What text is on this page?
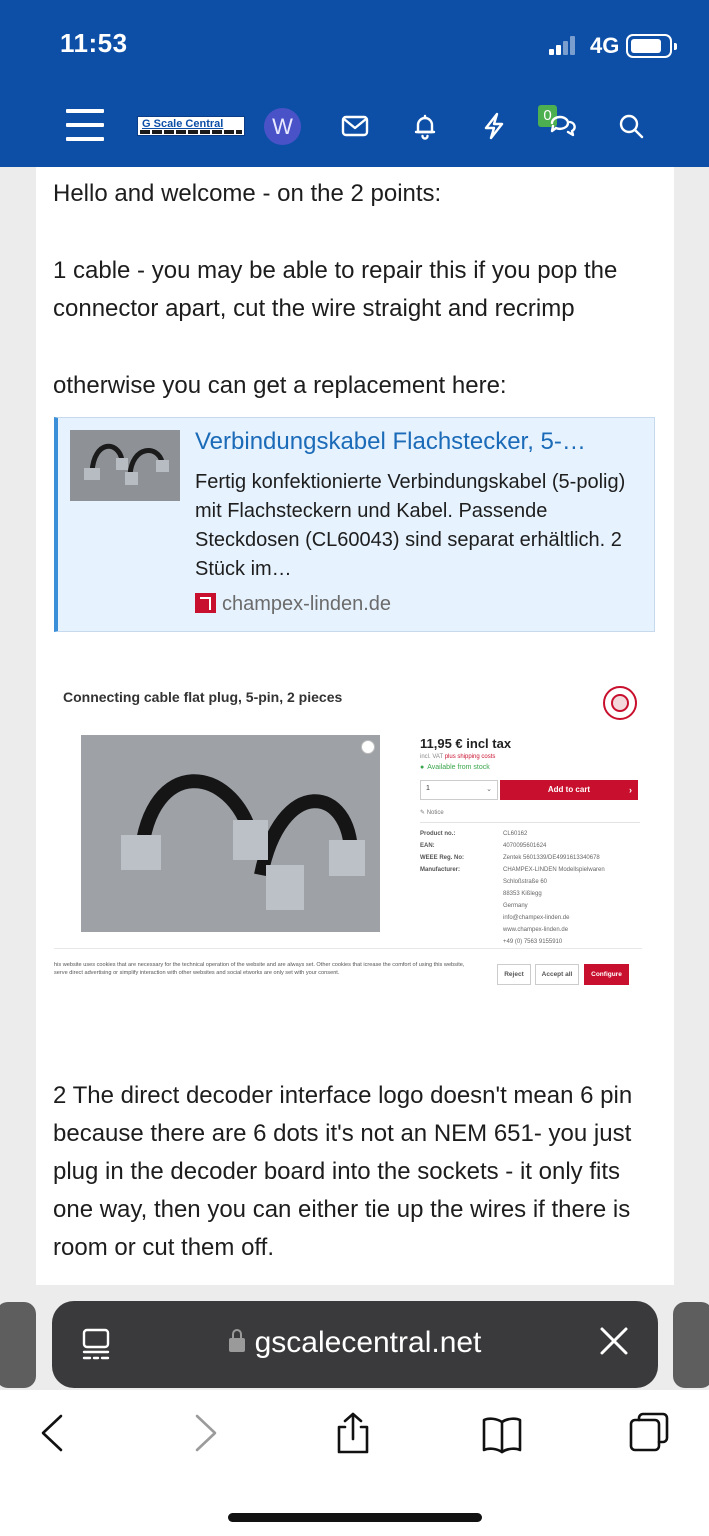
11:53	4G
G Scale Central	W	0
Hello and welcome - on the 2 points:
1 cable - you may be able to repair this if you pop the connector apart, cut the wire straight and recrimp
otherwise you can get a replacement here:
Verbindungskabel Flachstecker, 5-…
Fertig konfektionierte Verbindungskabel (5-polig) mit Flachsteckern und Kabel. Passende Steckdosen (CL60043) sind separat erhältlich. 2 Stück im…
champex-linden.de
Connecting cable flat plug, 5-pin, 2 pieces
11,95 € incl tax
incl. VAT plus shipping costs
● Available from stock
1	⌄	Add to cart	›
✎ Notice
Product no.:	CL60162
EAN:	4070095601624
WEEE Reg. No:	Zentek 5601339/DE4991613340678
Manufacturer:	CHAMPEX-LINDEN Modellspielwaren
Schloßstraße 60
88353 Kißlegg
Germany
info@champex-linden.de
www.champex-linden.de
+49 (0) 7563 9155910
his website uses cookies that are necessary for the technical operation of the website and are always set. Other cookies that icrease the comfort of using this website, serve direct advertising or simplify interaction with other websites and social etworks are only set with your consent.	Reject	Accept all	Configure
2 The direct decoder interface logo doesn't mean 6 pin because there are 6 dots it's not an NEM 651- you just plug in the decoder board into the sockets - it only fits one way, then you can either tie up the wires if there is room or cut them off.
gscalecentral.net
